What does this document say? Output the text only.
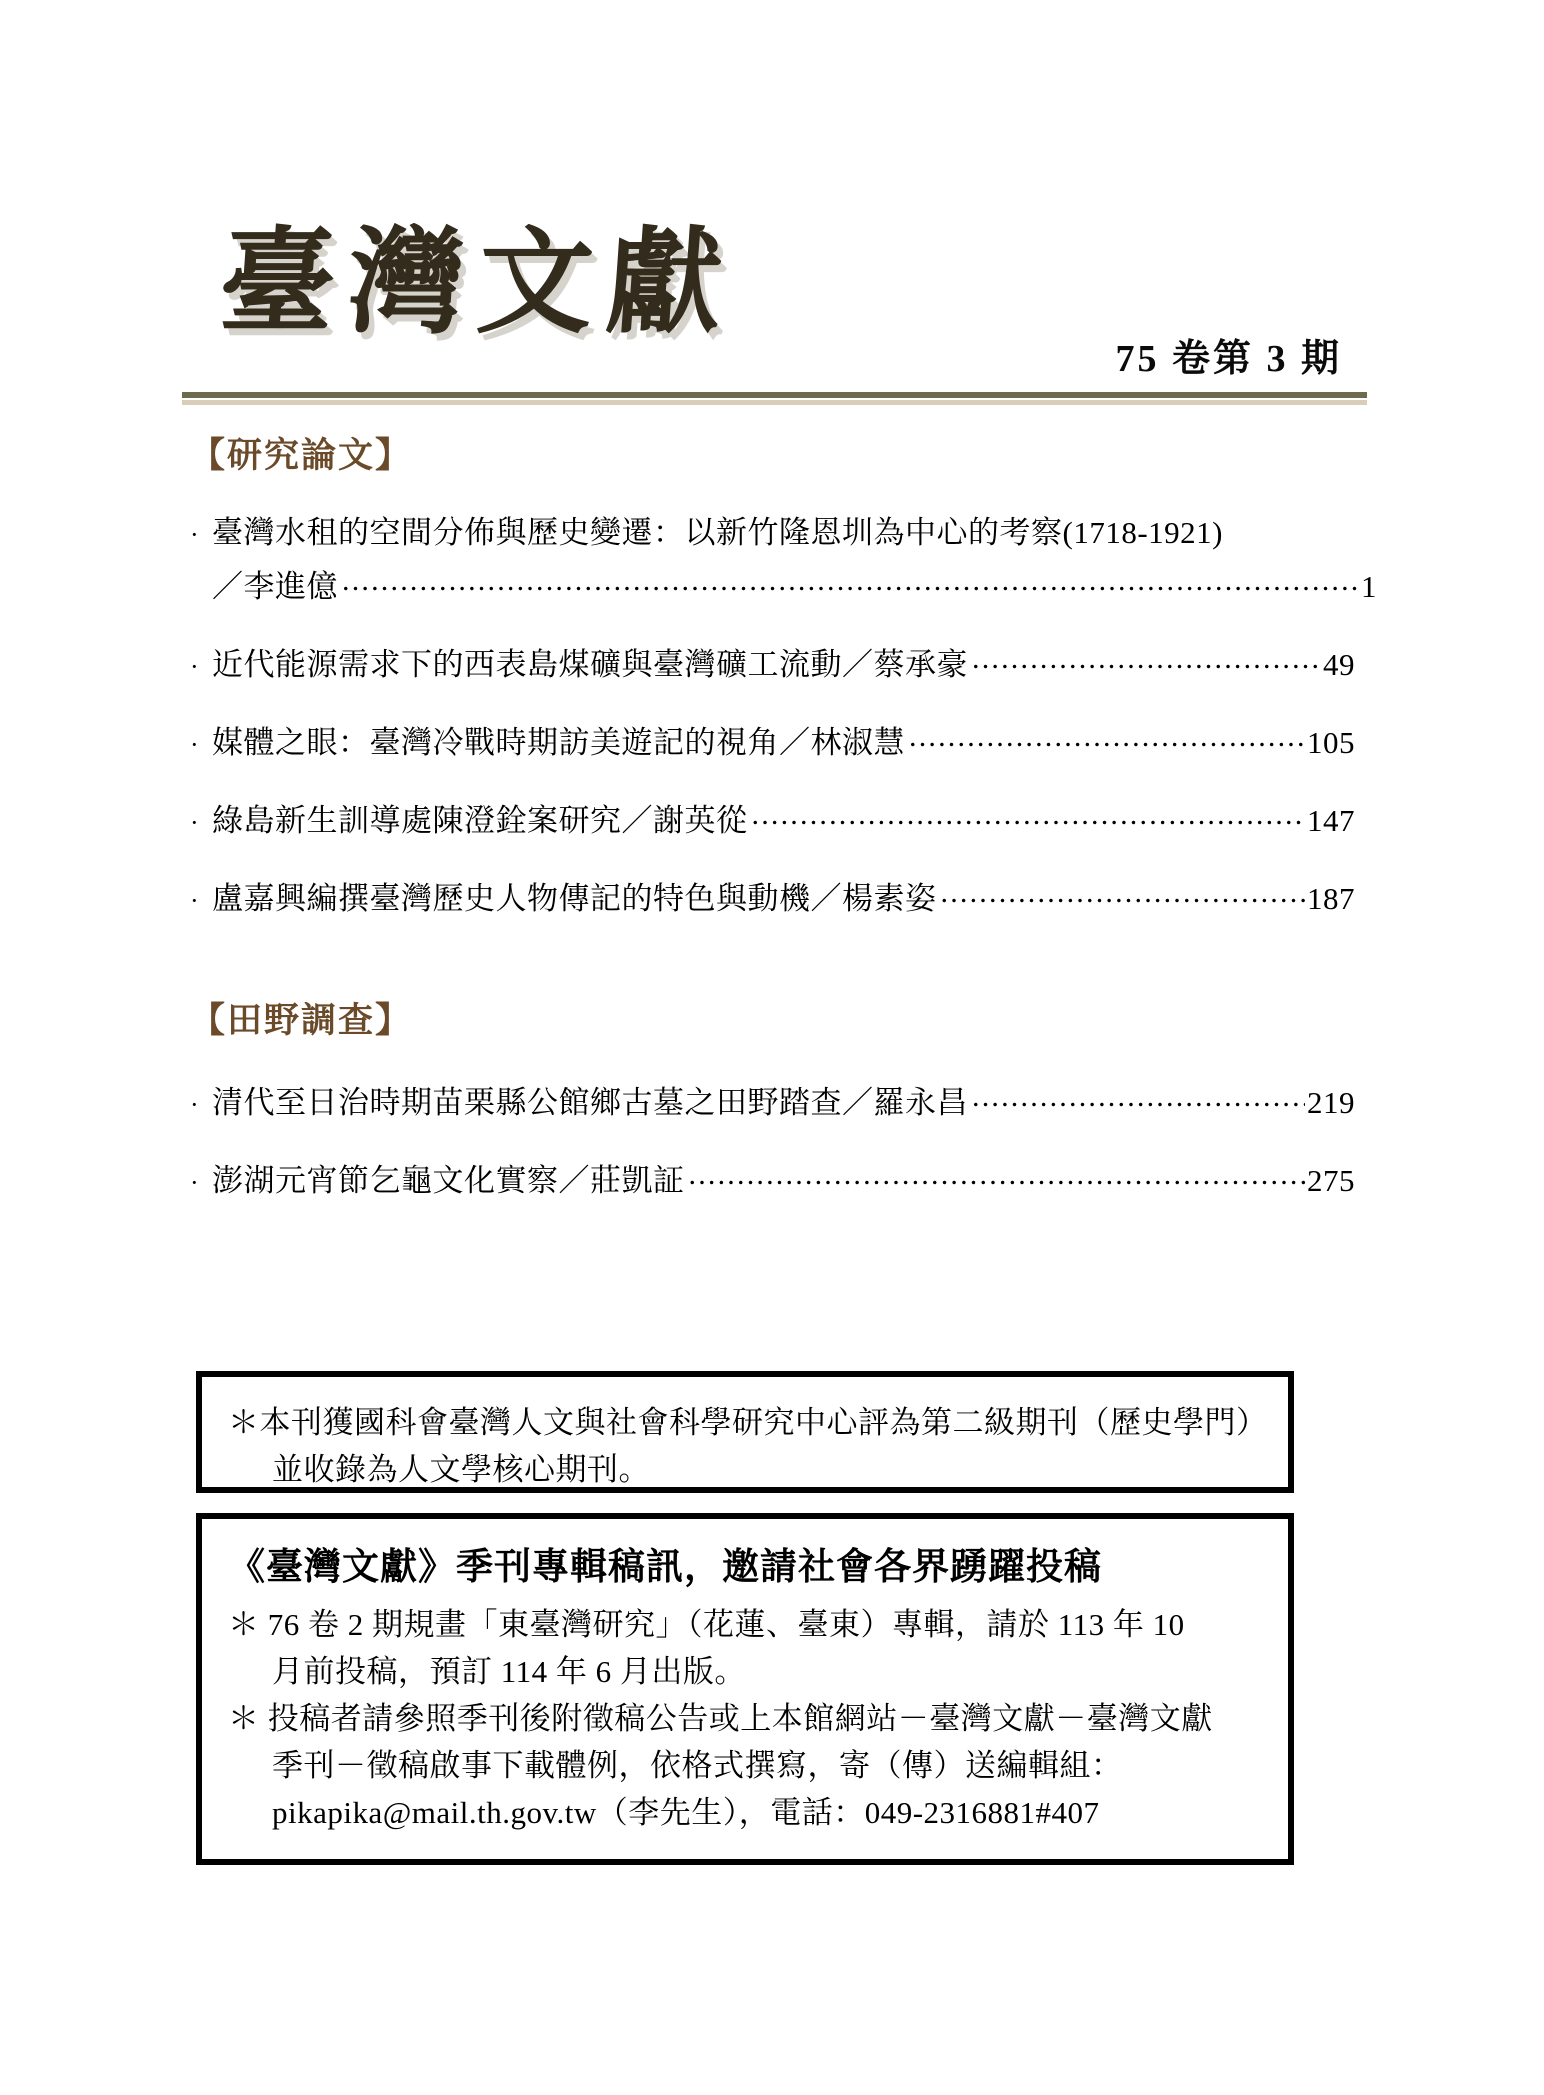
臺灣文獻
75 卷第 3 期
【研究論文】
· 臺灣水租的空間分佈與歷史變遷：以新竹隆恩圳為中心的考察(1718-1921)
／李進億 .....	1
· 近代能源需求下的西表島煤礦與臺灣礦工流動／蔡承豪 .....	49
· 媒體之眼：臺灣冷戰時期訪美遊記的視角／林淑慧 .....	105
· 綠島新生訓導處陳澄銓案研究／謝英從 .....	147
· 盧嘉興編撰臺灣歷史人物傳記的特色與動機／楊素姿 .....	187
【田野調查】
· 清代至日治時期苗栗縣公館鄉古墓之田野踏查／羅永昌 .....	219
· 澎湖元宵節乞龜文化實察／莊凱証 .....	275
＊本刊獲國科會臺灣人文與社會科學研究中心評為第二級期刊（歷史學門）
並收錄為人文學核心期刊。
《臺灣文獻》季刊專輯稿訊，邀請社會各界踴躍投稿
＊ 76 卷 2 期規畫「東臺灣研究」（花蓮、臺東）專輯，請於 113 年 10
月前投稿，預訂 114 年 6 月出版。
＊ 投稿者請參照季刊後附徵稿公告或上本館網站－臺灣文獻－臺灣文獻
季刊－徵稿啟事下載體例，依格式撰寫，寄（傳）送編輯組：
pikapika@mail.th.gov.tw（李先生），電話：049-2316881#407
